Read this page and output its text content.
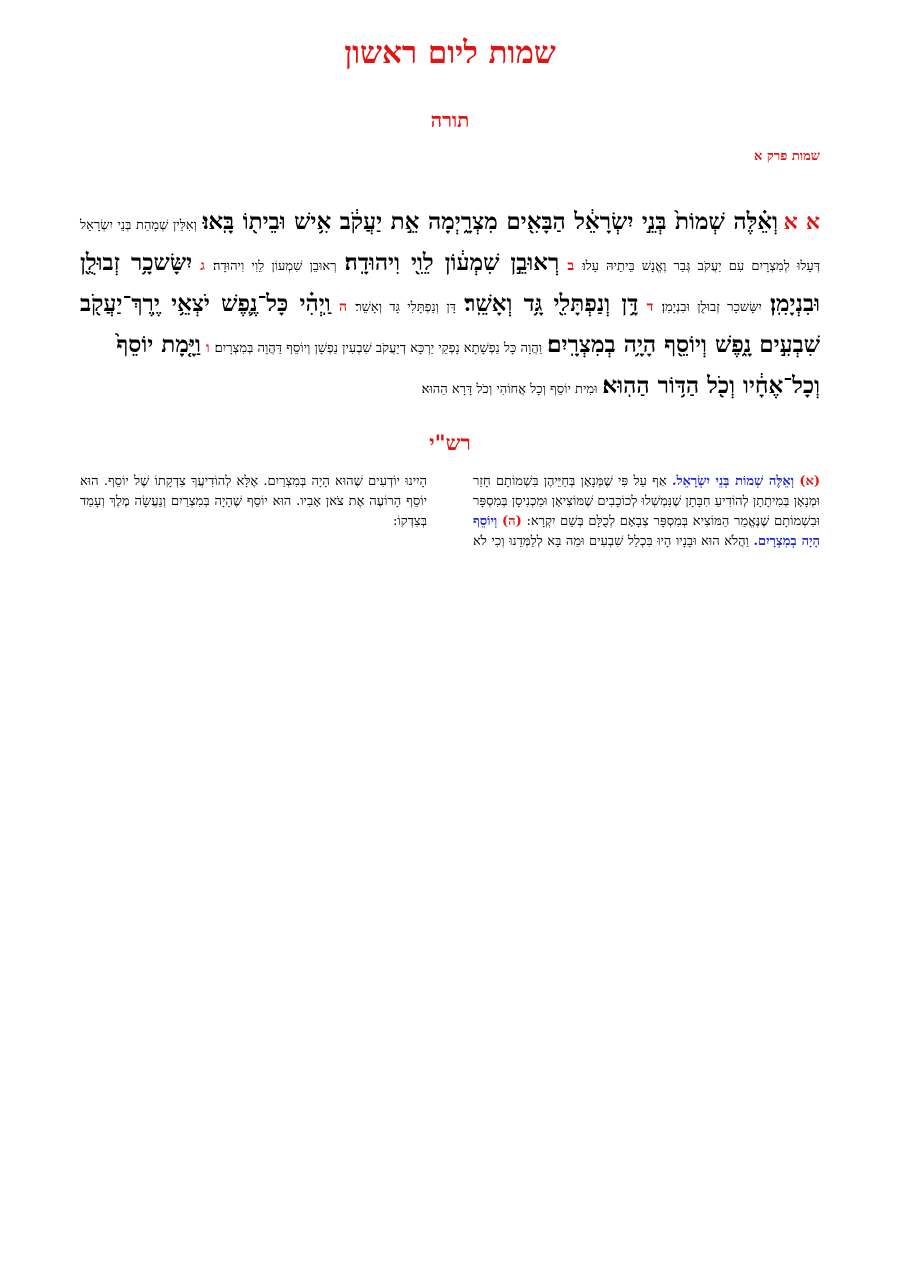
שמות ליום ראשון
תורה
שמות פרק א
א א וְאֵ֗לֶּה שְׁמוֹת֙ בְּנֵ֣י יִשְׂרָאֵ֔ל הַבָּאִ֖ים מִצְרָ֑יְמָה אֵ֣ת יַעֲקֹ֔ב אִ֥ישׁ וּבֵית֖וֹ בָּֽאוּ׃ וְאִלֵּין שְׁמָהַת בְּנֵי יִשְׂרָאֵל דְּעָלוּ לְמִצְרָיִם עִם יַעֲקֹב גְּבַר וֶאֱנָשׁ בֵּיתֵיהּ עָלוּ׃ ב רְאוּבֵ֣ן שִׁמְע֔וֹן לֵוִ֖י וִיהוּדָֽה׃ רְאוּבֵן שִׁמְעוֹן לֵוִי וִיהוּדָה׃ ג יִשָּׂשכָ֥ר זְבוּלֻ֖ן וּבִנְיָמִֽן׃ יִשָּׂשכָר זְבוּלֻן וּבִנְיָמִן׃ ד דָּ֥ן וְנַפְתָּלִ֖י גָּ֥ד וְאָשֵֽׁר׃ דָּן וְנַפְתָּלִי גָּד וְאָשֵׁר׃ ה וַֽיְהִ֗י כָּל־נֶ֛פֶשׁ יֹצְאֵ֥י יֶֽרֶךְ־יַעֲקֹ֖ב שִׁבְעִ֣ים נָ֑פֶשׁ וְיוֹסֵ֖ף הָיָ֥ה בְמִצְרָֽיִם׃ וַהֲוָה כָּל נַפְשָׁתָא נָפְקֵי יַרְכָּא דְיַעֲקֹב שִׁבְעִין נַפְשָׁן וְיוֹסֵף דַּהֲוָה בְּמִצְרָיִם׃ ו וַיָּ֤מָת יוֹסֵף֙
וְכָל־אֶחָ֔יו וְכֹ֖ל הַדּ֥וֹר הַהֽוּא׃ וּמִית יוֹסֵף וְכָל אֲחוֹהִי וְכֹל דָּרָא הַהוּא׃
רש"י
(א) וְאֵלֶּה שְׁמוֹת בְּנֵי יִשְׂרָאֵל. אַף עַל פִּי שֶׁמְּנָאָן בְּחַיֵּיהֶן בִּשְׁמוֹתָם חָזַר וּמְנָאָן בְּמִיתָתָן לְהוֹדִיעַ חִבָּתָן שֶׁנִּמְשְׁלוּ לְכוֹכָבִים שֶׁמּוֹצִיאָן וּמַכְנִיסָן בְּמִסְפָּר וּבִשְׁמוֹתָם שֶׁנֶּאֱמַר הַמּוֹצִיא בְּמִסְפָּר צְבָאָם לְכֻלָּם בְּשֵׁם יִקְרָא: (ה) וְיוֹסֵף הָיָה בְמִצְרָיִם. וַהֲלֹא הוּא וּבָנָיו הָיוּ בִּכְלַל שִׁבְעִים וּמַה בָּא לְלַמְּדֵנוּ וְכִי לֹא הָיִינוּ יוֹדְעִים שֶׁהוּא הָיָה בְּמִצְרַיִם. אֶלָּא לְהוֹדִיעֲךָ צִדְקָתוֹ שֶׁל יוֹסֵף. הוּא יוֹסֵף הָרוֹעֶה אֶת צֹאן אָבִיו. הוּא יוֹסֵף שֶׁהָיָה בְּמִצְרַיִם וְנַעֲשָׂה מֶלֶךְ וְעָמַד בְּצִדְקוֹ:
